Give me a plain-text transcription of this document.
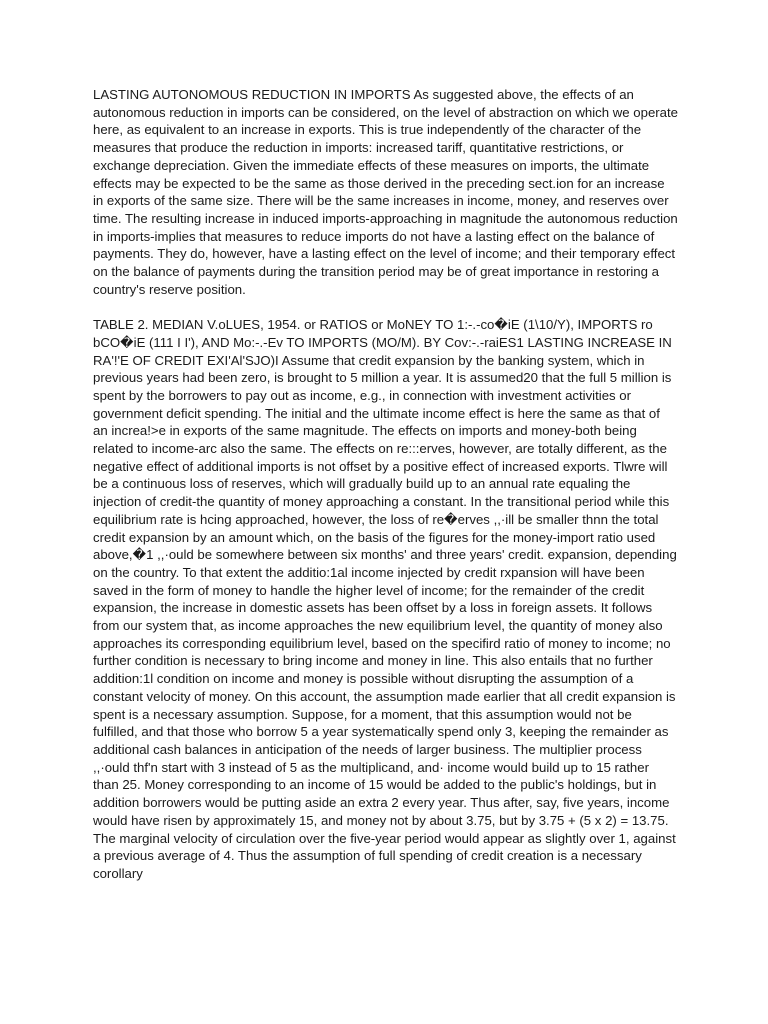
LASTING AUTONOMOUS REDUCTION IN IMPORTS As suggested above, the effects of an autonomous reduction in imports can be considered, on the level of abstraction on which we operate here, as equivalent to an increase in exports. This is true independently of the character of the measures that produce the reduction in imports: increased tariff, quantitative restrictions, or exchange depreciation. Given the immediate effects of these measures on imports, the ultimate effects may be expected to be the same as those derived in the preceding sect.ion for an increase in exports of the same size. There will be the same increases in income, money, and reserves over time. The resulting increase in induced imports-approaching in magnitude the autonomous reduction in imports-implies that measures to reduce imports do not have a lasting effect on the balance of payments. They do, however, have a lasting effect on the level of income; and their temporary effect on the balance of payments during the transition period may be of great importance in restoring a country's reserve position.

TABLE 2. MEDIAN V.oLUES, 1954. or RATIOS or MoNEY TO 1:-.-co�iE (1\10/Y), IMPORTS ro bCO�iE (111 I I'), AND Mo:-.-Ev TO IMPORTS (MO/M). BY Cov:-.-raiES1 LASTING INCREASE IN RA'!'E OF CREDIT EXI'Al'SJO)I Assume that credit expansion by the banking system, which in previous years had been zero, is brought to 5 million a year. It is assumed20 that the full 5 million is spent by the borrowers to pay out as income, e.g., in connection with investment activities or government deficit spending. The initial and the ultimate income effect is here the same as that of an increa!>e in exports of the same magnitude. The effects on imports and money-both being related to income-arc also the same. The effects on re:::erves, however, are totally different, as the negative effect of additional imports is not offset by a positive effect of increased exports. Tlwre will be a continuous loss of reserves, which will gradually build up to an annual rate equaling the injection of credit-the quantity of money approaching a constant. In the transitional period while this equilibrium rate is hcing approached, however, the loss of re�erves ,,·ill be smaller thnn the total credit expansion by an amount which, on the basis of the figures for the money-import ratio used above,�1 ,,·ould be somewhere between six months' and three years' credit. expansion, depending on the country. To that extent the additio:1al income injected by credit rxpansion will have been saved in the form of money to handle the higher level of income; for the remainder of the credit expansion, the increase in domestic assets has been offset by a loss in foreign assets. It follows from our system that, as income approaches the new equilibrium level, the quantity of money also approaches its corresponding equilibrium level, based on the specifird ratio of money to income; no further condition is necessary to bring income and money in line. This also entails that no further addition:1l condition on income and money is possible without disrupting the assumption of a constant velocity of money. On this account, the assumption made earlier that all credit expansion is spent is a necessary assumption. Suppose, for a moment, that this assumption would not be fulfilled, and that those who borrow 5 a year systematically spend only 3, keeping the remainder as additional cash balances in anticipation of the needs of larger business. The multiplier process ,,·ould thf'n start with 3 instead of 5 as the multiplicand, and· income would build up to 15 rather than 25. Money corresponding to an income of 15 would be added to the public's holdings, but in addition borrowers would be putting aside an extra 2 every year. Thus after, say, five years, income would have risen by approximately 15, and money not by about 3.75, but by 3.75 + (5 x 2) = 13.75. The marginal velocity of circulation over the five-year period would appear as slightly over 1, against a previous average of 4. Thus the assumption of full spending of credit creation is a necessary corollary
